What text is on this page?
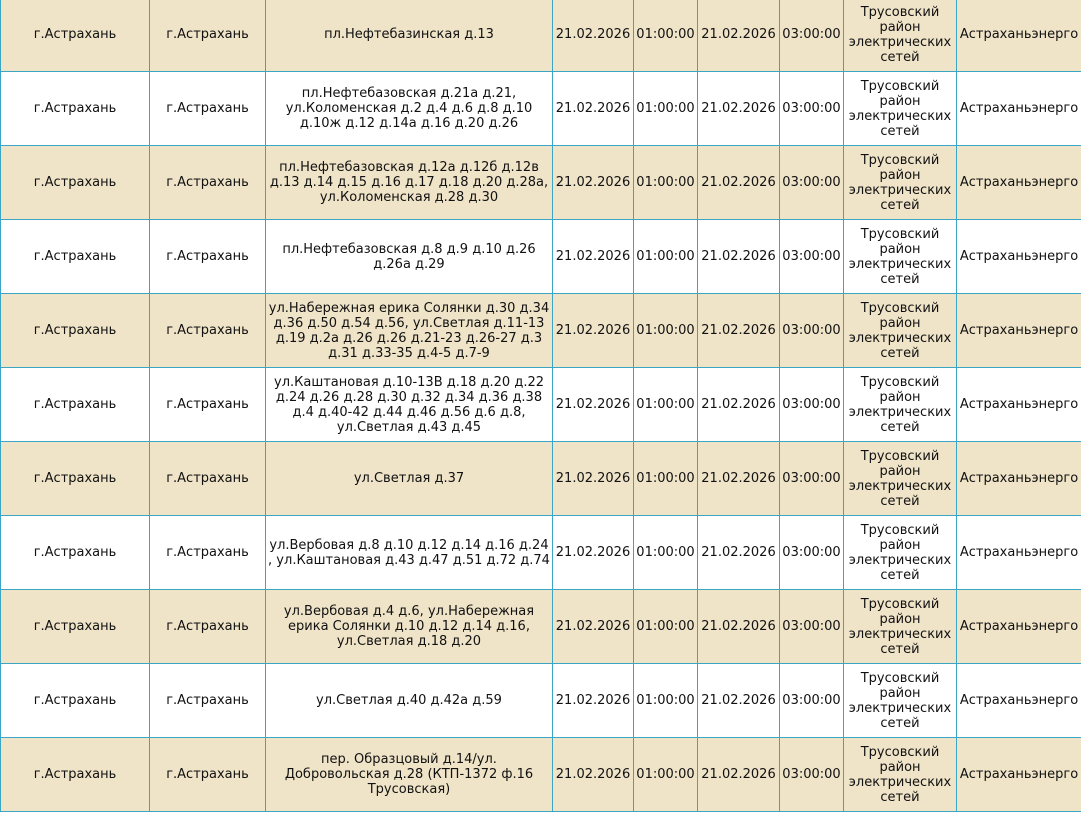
г.Астрахань	г.Астрахань	пл.Нефтебазинская д.13	21.02.2026	01:00:00	21.02.2026	03:00:00	Трусовский район электрических сетей	Астраханьэнерго
г.Астрахань	г.Астрахань	пл.Нефтебазовская д.21а д.21, ул.Коломенская д.2 д.4 д.6 д.8 д.10 д.10ж д.12 д.14а д.16 д.20 д.26	21.02.2026	01:00:00	21.02.2026	03:00:00	Трусовский район электрических сетей	Астраханьэнерго
г.Астрахань	г.Астрахань	пл.Нефтебазовская д.12а д.12б д.12в д.13 д.14 д.15 д.16 д.17 д.18 д.20 д.28а, ул.Коломенская д.28 д.30	21.02.2026	01:00:00	21.02.2026	03:00:00	Трусовский район электрических сетей	Астраханьэнерго
г.Астрахань	г.Астрахань	пл.Нефтебазовская д.8 д.9 д.10 д.26 д.26а д.29	21.02.2026	01:00:00	21.02.2026	03:00:00	Трусовский район электрических сетей	Астраханьэнерго
г.Астрахань	г.Астрахань	ул.Набережная ерика Солянки д.30 д.34 д.36 д.50 д.54 д.56, ул.Светлая д.11-13 д.19 д.2а д.26 д.26 д.21-23 д.26-27 д.3 д.31 д.33-35 д.4-5 д.7-9	21.02.2026	01:00:00	21.02.2026	03:00:00	Трусовский район электрических сетей	Астраханьэнерго
г.Астрахань	г.Астрахань	ул.Каштановая д.10-13В д.18 д.20 д.22 д.24 д.26 д.28 д.30 д.32 д.34 д.36 д.38 д.4 д.40-42 д.44 д.46 д.56 д.6 д.8, ул.Светлая д.43 д.45	21.02.2026	01:00:00	21.02.2026	03:00:00	Трусовский район электрических сетей	Астраханьэнерго
г.Астрахань	г.Астрахань	ул.Светлая д.37	21.02.2026	01:00:00	21.02.2026	03:00:00	Трусовский район электрических сетей	Астраханьэнерго
г.Астрахань	г.Астрахань	ул.Вербовая д.8 д.10 д.12 д.14 д.16 д.24 , ул.Каштановая д.43 д.47 д.51 д.72 д.74	21.02.2026	01:00:00	21.02.2026	03:00:00	Трусовский район электрических сетей	Астраханьэнерго
г.Астрахань	г.Астрахань	ул.Вербовая д.4 д.6, ул.Набережная ерика Солянки д.10 д.12 д.14 д.16, ул.Светлая д.18 д.20	21.02.2026	01:00:00	21.02.2026	03:00:00	Трусовский район электрических сетей	Астраханьэнерго
г.Астрахань	г.Астрахань	ул.Светлая д.40 д.42а д.59	21.02.2026	01:00:00	21.02.2026	03:00:00	Трусовский район электрических сетей	Астраханьэнерго
г.Астрахань	г.Астрахань	пер. Образцовый д.14/ул. Добровольская д.28 (КТП-1372 ф.16 Трусовская)	21.02.2026	01:00:00	21.02.2026	03:00:00	Трусовский район электрических сетей	Астраханьэнерго
